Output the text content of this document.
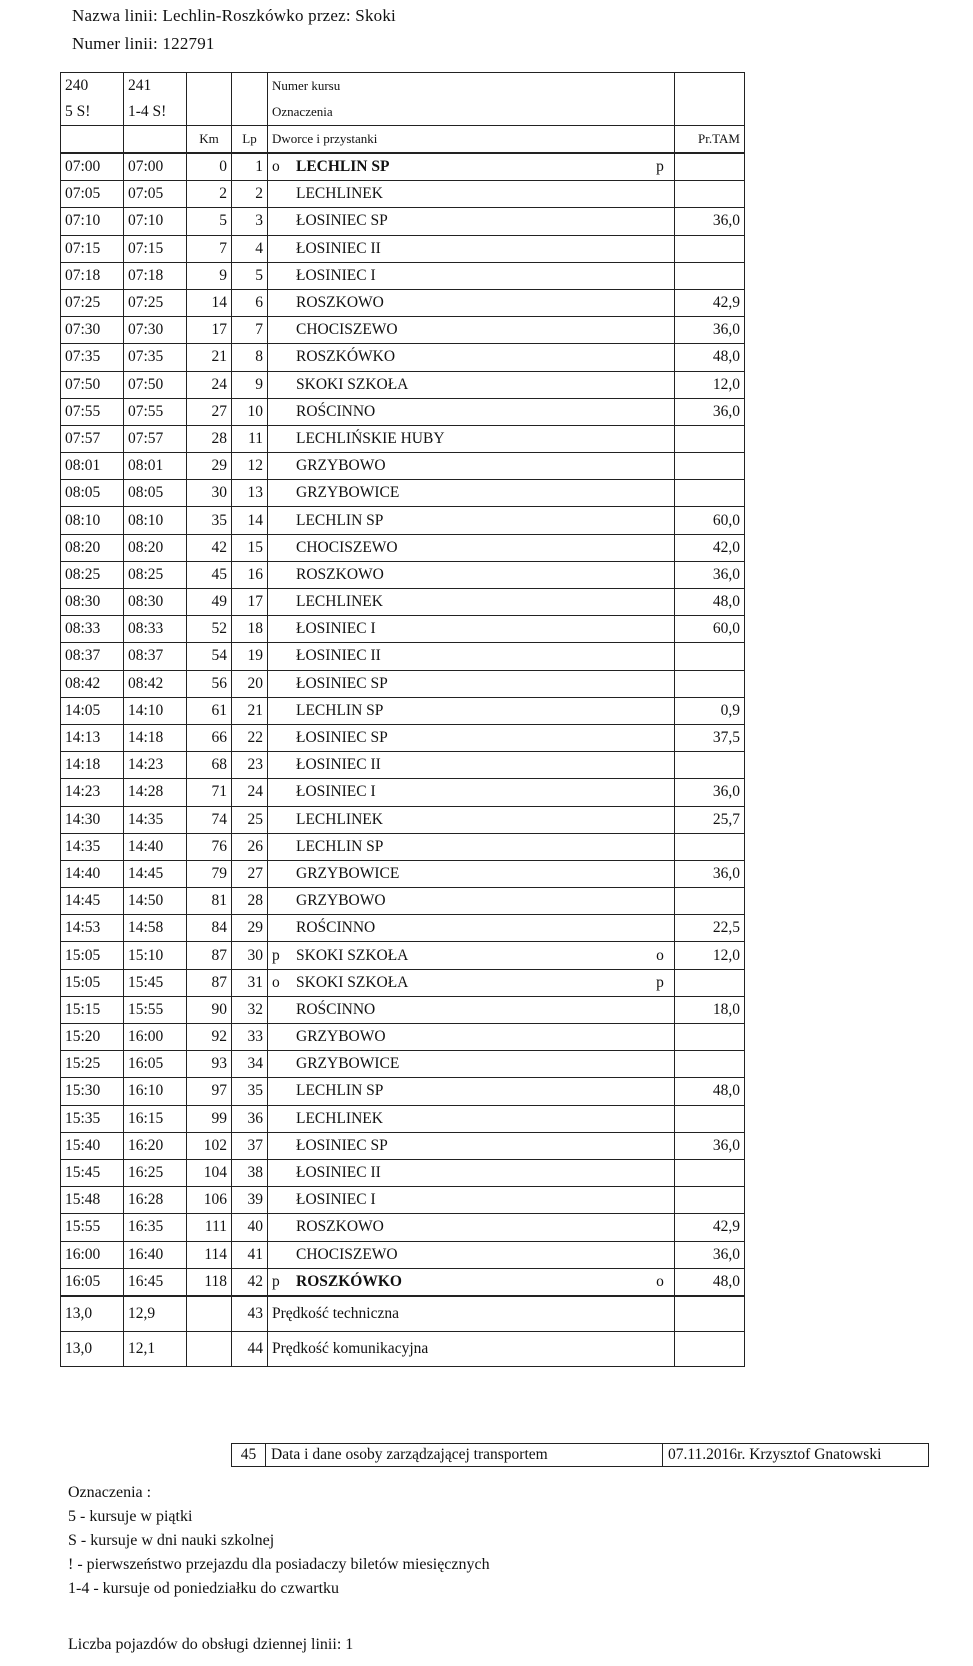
Nazwa linii: Lechlin-Roszkówko przez: Skoki
Numer linii: 122791
240	241			Numer kursu	
5 S!	1-4 S!			Oznaczenia	
		Km	Lp	Dworce i przystanki	Pr.TAM
07:00	07:00	0	1	o LECHLIN SP p	

07:05	07:05	2	2	LECHLINEK	

07:10	07:10	5	3	ŁOSINIEC SP	36,0
07:15	07:15	7	4	ŁOSINIEC II	

07:18	07:18	9	5	ŁOSINIEC I	

07:25	07:25	14	6	ROSZKOWO	42,9
07:30	07:30	17	7	CHOCISZEWO	36,0
07:35	07:35	21	8	ROSZKÓWKO	48,0
07:50	07:50	24	9	SKOKI SZKOŁA	12,0
07:55	07:55	27	10	ROŚCINNO	36,0
07:57	07:57	28	11	LECHLIŃSKIE HUBY	

08:01	08:01	29	12	GRZYBOWO	

08:05	08:05	30	13	GRZYBOWICE	

08:10	08:10	35	14	LECHLIN SP	60,0
08:20	08:20	42	15	CHOCISZEWO	42,0
08:25	08:25	45	16	ROSZKOWO	36,0
08:30	08:30	49	17	LECHLINEK	48,0
08:33	08:33	52	18	ŁOSINIEC I	60,0
08:37	08:37	54	19	ŁOSINIEC II	

08:42	08:42	56	20	ŁOSINIEC SP	

14:05	14:10	61	21	LECHLIN SP	0,9
14:13	14:18	66	22	ŁOSINIEC SP	37,5
14:18	14:23	68	23	ŁOSINIEC II	

14:23	14:28	71	24	ŁOSINIEC I	36,0
14:30	14:35	74	25	LECHLINEK	25,7
14:35	14:40	76	26	LECHLIN SP	

14:40	14:45	79	27	GRZYBOWICE	36,0
14:45	14:50	81	28	GRZYBOWO	

14:53	14:58	84	29	ROŚCINNO	22,5
15:05	15:10	87	30	p SKOKI SZKOŁA o	12,0
15:05	15:45	87	31	o SKOKI SZKOŁA p	

15:15	15:55	90	32	ROŚCINNO	18,0
15:20	16:00	92	33	GRZYBOWO	

15:25	16:05	93	34	GRZYBOWICE	

15:30	16:10	97	35	LECHLIN SP	48,0
15:35	16:15	99	36	LECHLINEK	

15:40	16:20	102	37	ŁOSINIEC SP	36,0
15:45	16:25	104	38	ŁOSINIEC II	

15:48	16:28	106	39	ŁOSINIEC I	

15:55	16:35	111	40	ROSZKOWO	42,9
16:00	16:40	114	41	CHOCISZEWO	36,0
16:05	16:45	118	42	p ROSZKÓWKO o	48,0
13,0	12,9		43	Prędkość techniczna	
13,0	12,1		44	Prędkość komunikacyjna	
45	Data i dane osoby zarządzającej transportem	07.11.2016r. Krzysztof Gnatowski
Oznaczenia :
5 - kursuje w piątki
S - kursuje w dni nauki szkolnej
! - pierwszeństwo przejazdu dla posiadaczy biletów miesięcznych
1-4 - kursuje od poniedziałku do czwartku
Liczba pojazdów do obsługi dziennej linii: 1
